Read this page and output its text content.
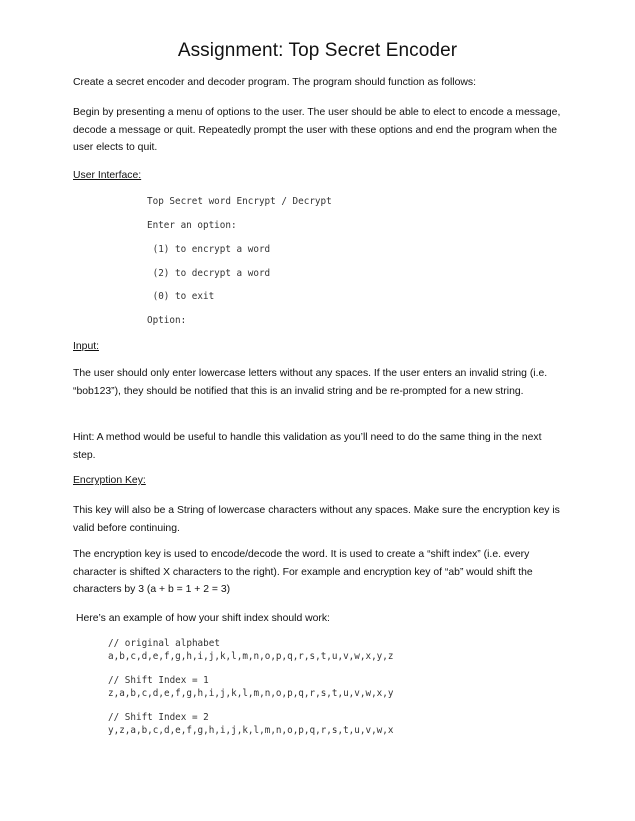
Assignment: Top Secret Encoder

Create a secret encoder and decoder program. The program should function as follows:

Begin by presenting a menu of options to the user. The user should be able to elect to encode a message, decode a message or quit. Repeatedly prompt the user with these options and end the program when the user elects to quit.

User Interface:

Top Secret word Encrypt / Decrypt

Enter an option:

(1) to encrypt a word

(2) to decrypt a word

(0) to exit

Option:

Input:

The user should only enter lowercase letters without any spaces. If the user enters an invalid string (i.e. “bob123”), they should be notified that this is an invalid string and be re-prompted for a new string.

Hint: A method would be useful to handle this validation as you’ll need to do the same thing in the next step.

Encryption Key:

This key will also be a String of lowercase characters without any spaces. Make sure the encryption key is valid before continuing.

The encryption key is used to encode/decode the word. It is used to create a “shift index” (i.e. every character is shifted X characters to the right). For example and encryption key of “ab” would shift the characters by 3 (a + b = 1 + 2 = 3)

Here’s an example of how your shift index should work:

// original alphabet

a,b,c,d,e,f,g,h,i,j,k,l,m,n,o,p,q,r,s,t,u,v,w,x,y,z

// Shift Index = 1

z,a,b,c,d,e,f,g,h,i,j,k,l,m,n,o,p,q,r,s,t,u,v,w,x,y

// Shift Index = 2

y,z,a,b,c,d,e,f,g,h,i,j,k,l,m,n,o,p,q,r,s,t,u,v,w,x
